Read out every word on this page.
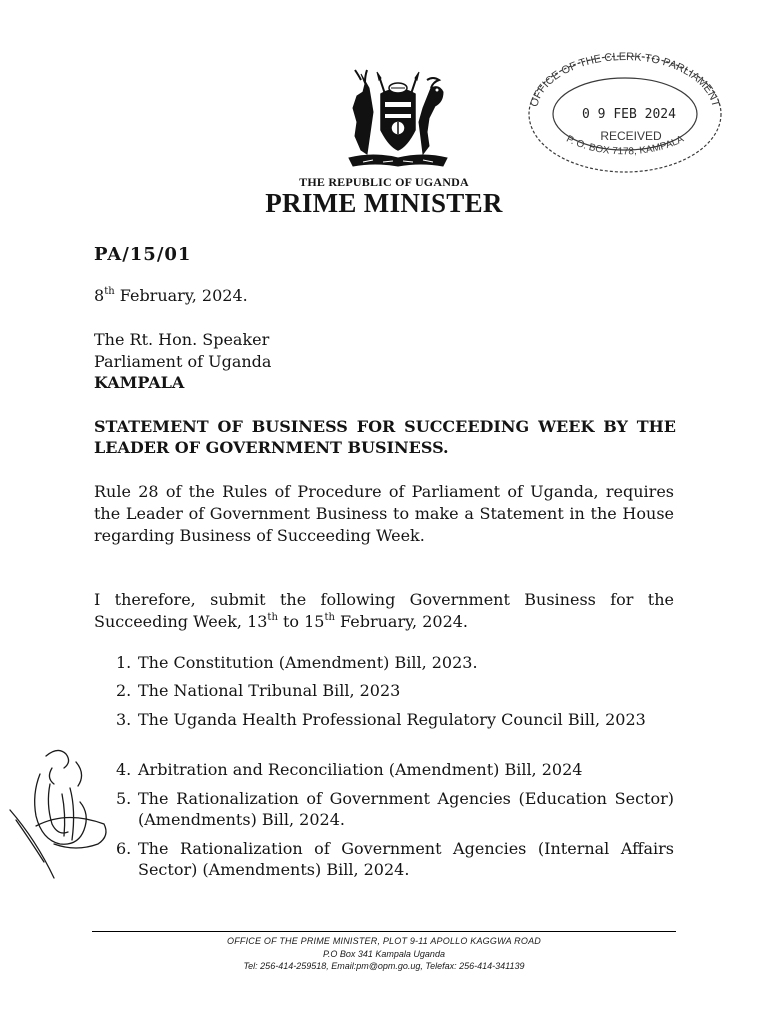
OFFICE OF THE CLERK TO PARLIAMENT
0 9 FEB 2024
RECEIVED
P. O. BOX 7178, KAMPALA
THE REPUBLIC OF UGANDA
PRIME MINISTER
PA/15/01
8th February, 2024.
The Rt. Hon. Speaker
Parliament of Uganda
KAMPALA
STATEMENT OF BUSINESS FOR SUCCEEDING WEEK BY THE LEADER OF GOVERNMENT BUSINESS.
Rule 28 of the Rules of Procedure of Parliament of Uganda, requires the Leader of Government Business to make a Statement in the House regarding Business of Succeeding Week.
I therefore, submit the following Government Business for the Succeeding Week, 13th to 15th February, 2024.
1. The Constitution (Amendment) Bill, 2023.
2. The National Tribunal Bill, 2023
3. The Uganda Health Professional Regulatory Council Bill, 2023
4. Arbitration and Reconciliation (Amendment) Bill, 2024
5. The Rationalization of Government Agencies (Education Sector) (Amendments) Bill, 2024.
6. The Rationalization of Government Agencies (Internal Affairs Sector) (Amendments) Bill, 2024.
OFFICE OF THE PRIME MINISTER, PLOT 9-11 APOLLO KAGGWA ROAD
P.O Box 341 Kampala Uganda
Tel: 256-414-259518, Email:pm@opm.go.ug, Telefax: 256-414-341139
